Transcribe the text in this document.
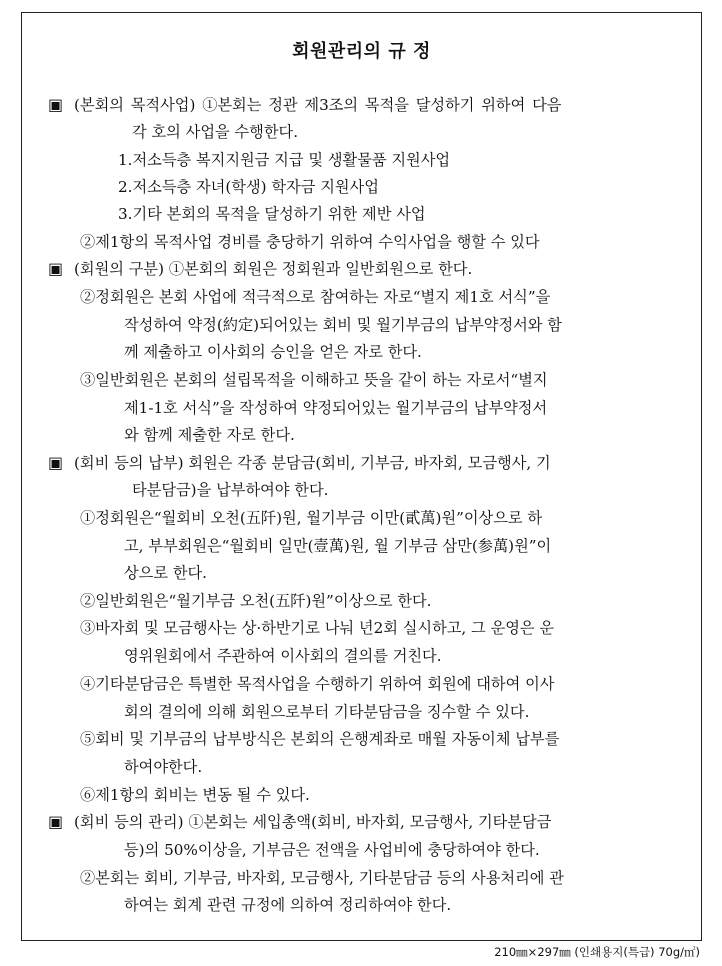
회원관리의 규 정
▣ (본회의 목적사업) ①본회는 정관 제3조의 목적을 달성하기 위하여 다음
각 호의 사업을 수행한다.
1.저소득층 복지지원금 지급 및 생활물품 지원사업
2.저소득층 자녀(학생) 학자금 지원사업
3.기타 본회의 목적을 달성하기 위한 제반 사업
②제1항의 목적사업 경비를 충당하기 위하여 수익사업을 행할 수 있다
▣ (회원의 구분) ①본회의 회원은 정회원과 일반회원으로 한다.
②정회원은 본회 사업에 적극적으로 참여하는 자로“별지 제1호 서식”을
작성하여 약정(約定)되어있는 회비 및 월기부금의 납부약정서와 함
께 제출하고 이사회의 승인을 얻은 자로 한다.
③일반회원은 본회의 설립목적을 이해하고 뜻을 같이 하는 자로서“별지
제1-1호 서식”을 작성하여 약정되어있는 월기부금의 납부약정서
와 함께 제출한 자로 한다.
▣ (회비 등의 납부) 회원은 각종 분담금(회비, 기부금, 바자회, 모금행사, 기
타분담금)을 납부하여야 한다.
①정회원은“월회비 오천(五阡)원, 월기부금 이만(貳萬)원”이상으로 하
고, 부부회원은“월회비 일만(壹萬)원, 월 기부금 삼만(参萬)원”이
상으로 한다.
②일반회원은“월기부금 오천(五阡)원”이상으로 한다.
③바자회 및 모금행사는 상·하반기로 나눠 년2회 실시하고, 그 운영은 운
영위원회에서 주관하여 이사회의 결의를 거친다.
④기타분담금은 특별한 목적사업을 수행하기 위하여 회원에 대하여 이사
회의 결의에 의해 회원으로부터 기타분담금을 징수할 수 있다.
⑤회비 및 기부금의 납부방식은 본회의 은행계좌로 매월 자동이체 납부를
하여야한다.
⑥제1항의 회비는 변동 될 수 있다.
▣ (회비 등의 관리) ①본회는 세입총액(회비, 바자회, 모금행사, 기타분담금
등)의 50%이상을, 기부금은 전액을 사업비에 충당하여야 한다.
②본회는 회비, 기부금, 바자회, 모금행사, 기타분담금 등의 사용처리에 관
하여는 회계 관련 규정에 의하여 정리하여야 한다.
210㎜×297㎜ (인쇄용지(특급) 70g/㎡)
